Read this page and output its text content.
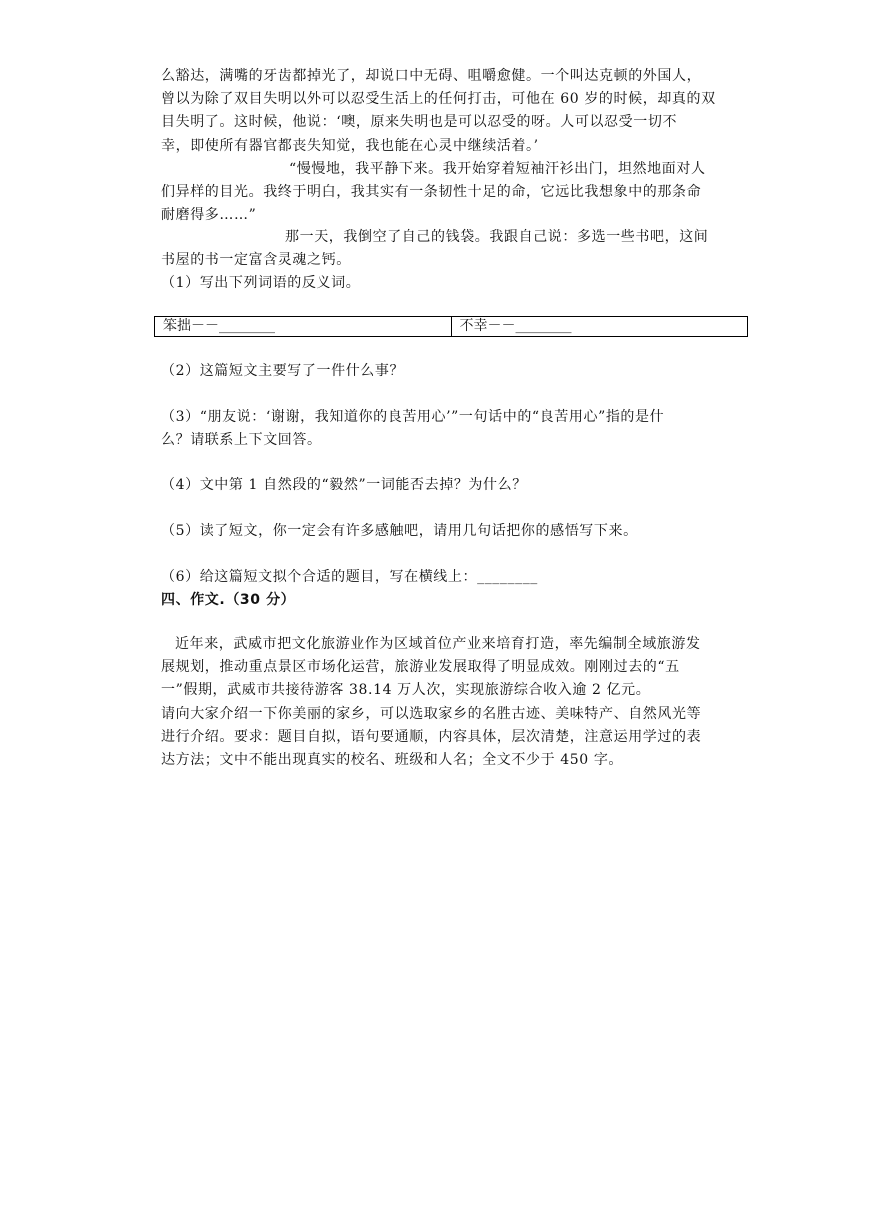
么豁达，满嘴的牙齿都掉光了，却说口中无碍、咀嚼愈健。一个叫达克顿的外国人，
曾以为除了双目失明以外可以忍受生活上的任何打击，可他在 60 岁的时候，却真的双
目失明了。这时候，他说：‘噢，原来失明也是可以忍受的呀。人可以忍受一切不
幸，即使所有器官都丧失知觉，我也能在心灵中继续活着。’
“慢慢地，我平静下来。我开始穿着短袖汗衫出门，坦然地面对人
们异样的目光。我终于明白，我其实有一条韧性十足的命，它远比我想象中的那条命
耐磨得多……”
那一天，我倒空了自己的钱袋。我跟自己说：多选一些书吧，这间
书屋的书一定富含灵魂之钙。
（1）写出下列词语的反义词。
笨拙－－________	不幸－－________
（2）这篇短文主要写了一件什么事？
（3）“朋友说：‘谢谢，我知道你的良苦用心’”一句话中的“良苦用心”指的是什
么？请联系上下文回答。
（4）文中第 1 自然段的“毅然”一词能否去掉？为什么？
（5）读了短文，你一定会有许多感触吧，请用几句话把你的感悟写下来。
（6）给这篇短文拟个合适的题目，写在横线上：________
四、作文.（30 分）
近年来，武威市把文化旅游业作为区域首位产业来培育打造，率先编制全域旅游发
展规划，推动重点景区市场化运营，旅游业发展取得了明显成效。刚刚过去的“五
一”假期，武威市共接待游客 38.14 万人次，实现旅游综合收入逾 2 亿元。
请向大家介绍一下你美丽的家乡，可以选取家乡的名胜古迹、美味特产、自然风光等
进行介绍。要求：题目自拟，语句要通顺，内容具体，层次清楚，注意运用学过的表
达方法；文中不能出现真实的校名、班级和人名；全文不少于 450 字。
